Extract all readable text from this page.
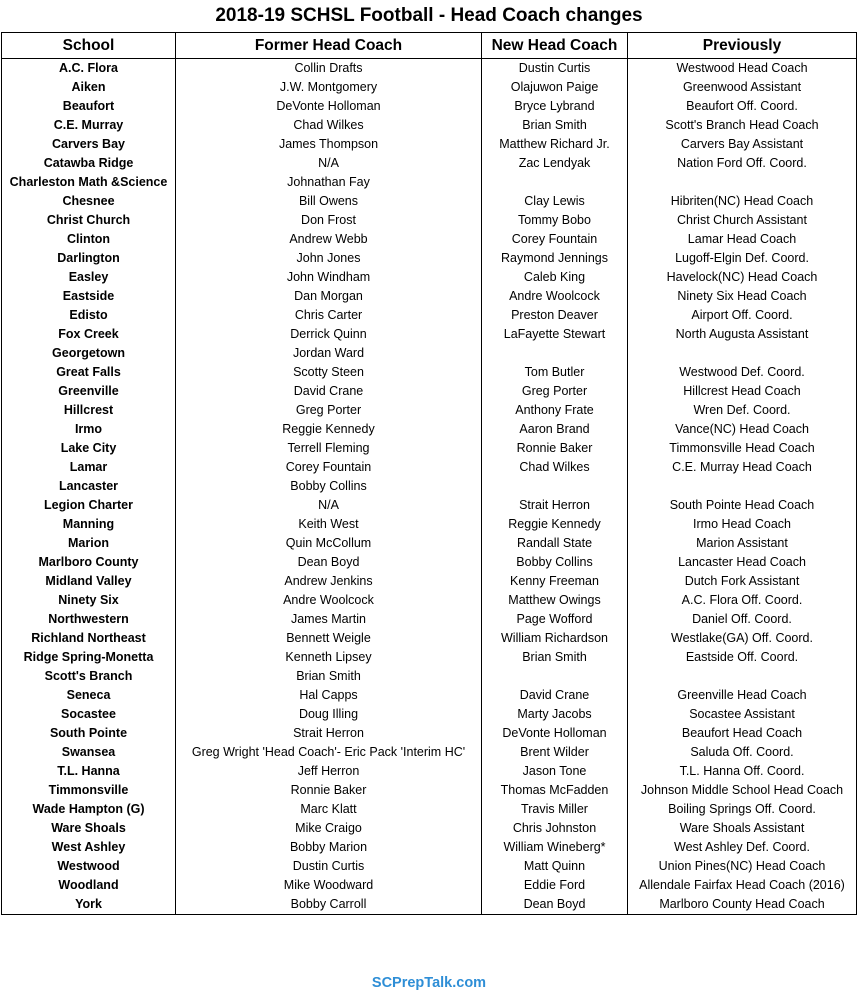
2018-19 SCHSL Football - Head Coach changes
School	Former Head Coach	New Head Coach	Previously
A.C. Flora	Collin Drafts	Dustin Curtis	Westwood Head Coach
Aiken	J.W. Montgomery	Olajuwon Paige	Greenwood Assistant
Beaufort	DeVonte Holloman	Bryce Lybrand	Beaufort Off. Coord.
C.E. Murray	Chad Wilkes	Brian Smith	Scott's Branch Head Coach
Carvers Bay	James Thompson	Matthew Richard Jr.	Carvers Bay Assistant
Catawba Ridge	N/A	Zac Lendyak	Nation Ford Off. Coord.
Charleston Math &Science	Johnathan Fay		
Chesnee	Bill Owens	Clay Lewis	Hibriten(NC) Head Coach
Christ Church	Don Frost	Tommy Bobo	Christ Church Assistant
Clinton	Andrew Webb	Corey Fountain	Lamar Head Coach
Darlington	John Jones	Raymond Jennings	Lugoff-Elgin Def. Coord.
Easley	John Windham	Caleb King	Havelock(NC) Head Coach
Eastside	Dan Morgan	Andre Woolcock	Ninety Six Head Coach
Edisto	Chris Carter	Preston Deaver	Airport Off. Coord.
Fox Creek	Derrick Quinn	LaFayette Stewart	North Augusta Assistant
Georgetown	Jordan Ward		
Great Falls	Scotty Steen	Tom Butler	Westwood Def. Coord.
Greenville	David Crane	Greg Porter	Hillcrest Head Coach
Hillcrest	Greg Porter	Anthony Frate	Wren Def. Coord.
Irmo	Reggie Kennedy	Aaron Brand	Vance(NC) Head Coach
Lake City	Terrell Fleming	Ronnie Baker	Timmonsville Head Coach
Lamar	Corey Fountain	Chad Wilkes	C.E. Murray Head Coach
Lancaster	Bobby Collins		
Legion Charter	N/A	Strait Herron	South Pointe Head Coach
Manning	Keith West	Reggie Kennedy	Irmo Head Coach
Marion	Quin McCollum	Randall State	Marion Assistant
Marlboro County	Dean Boyd	Bobby Collins	Lancaster Head Coach
Midland Valley	Andrew Jenkins	Kenny Freeman	Dutch Fork Assistant
Ninety Six	Andre Woolcock	Matthew Owings	A.C. Flora Off. Coord.
Northwestern	James Martin	Page Wofford	Daniel Off. Coord.
Richland Northeast	Bennett Weigle	William Richardson	Westlake(GA) Off. Coord.
Ridge Spring-Monetta	Kenneth Lipsey	Brian Smith	Eastside Off. Coord.
Scott's Branch	Brian Smith		
Seneca	Hal Capps	David Crane	Greenville Head Coach
Socastee	Doug Illing	Marty Jacobs	Socastee Assistant
South Pointe	Strait Herron	DeVonte Holloman	Beaufort Head Coach
Swansea	Greg Wright 'Head Coach'- Eric Pack 'Interim HC'	Brent Wilder	Saluda Off. Coord.
T.L. Hanna	Jeff Herron	Jason Tone	T.L. Hanna Off. Coord.
Timmonsville	Ronnie Baker	Thomas McFadden	Johnson Middle School Head Coach
Wade Hampton (G)	Marc Klatt	Travis Miller	Boiling Springs Off. Coord.
Ware Shoals	Mike Craigo	Chris Johnston	Ware Shoals Assistant
West Ashley	Bobby Marion	William Wineberg*	West Ashley Def. Coord.
Westwood	Dustin Curtis	Matt Quinn	Union Pines(NC) Head Coach
Woodland	Mike Woodward	Eddie Ford	Allendale Fairfax Head Coach (2016)
York	Bobby Carroll	Dean Boyd	Marlboro County Head Coach
SCPrepTalk.com
